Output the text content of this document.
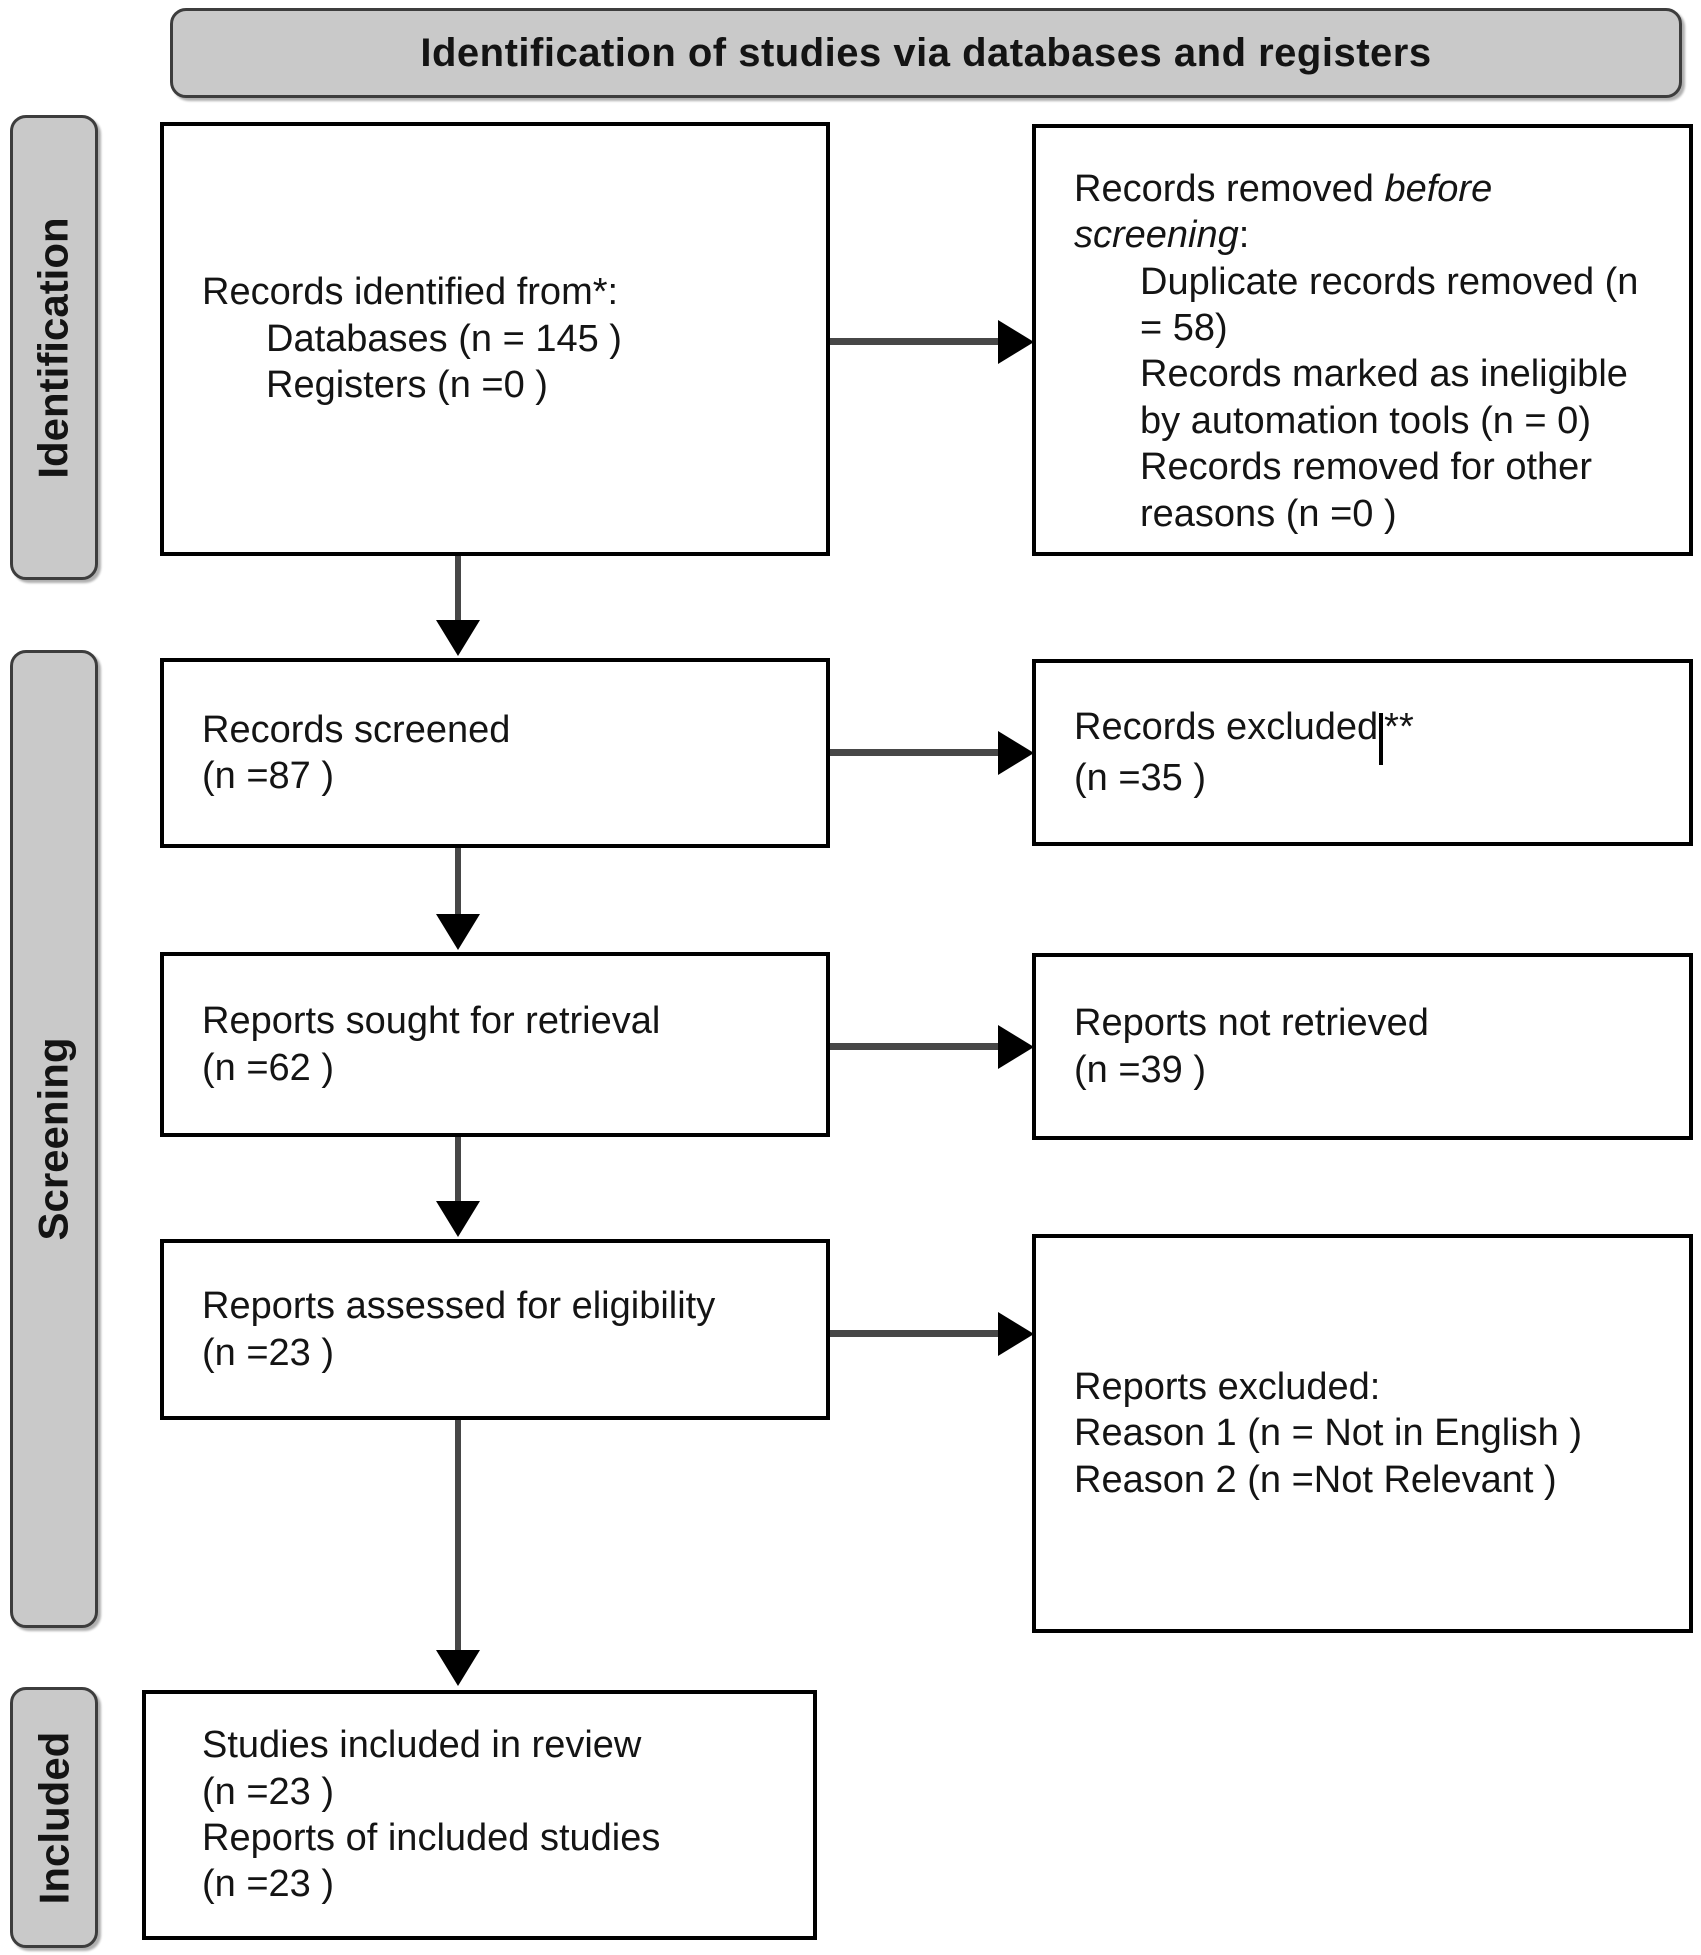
Identification of studies via databases and registers
Identification
Screening
Included
Records identified from*:
Databases (n = 145 )
Registers (n =0 )
Records removed before
screening:
Duplicate records removed (n = 58)
Records marked as ineligible by automation tools (n = 0)
Records removed for other reasons (n =0 )
Records screened
(n =87 )
Records excluded **
(n =35 )
Reports sought for retrieval
(n =62 )
Reports not retrieved
(n =39 )
Reports assessed for eligibility
(n =23 )
Reports excluded:
Reason 1 (n = Not in English )
Reason 2 (n =Not Relevant )
Studies included in review
(n =23 )
Reports of included studies
(n =23 )
